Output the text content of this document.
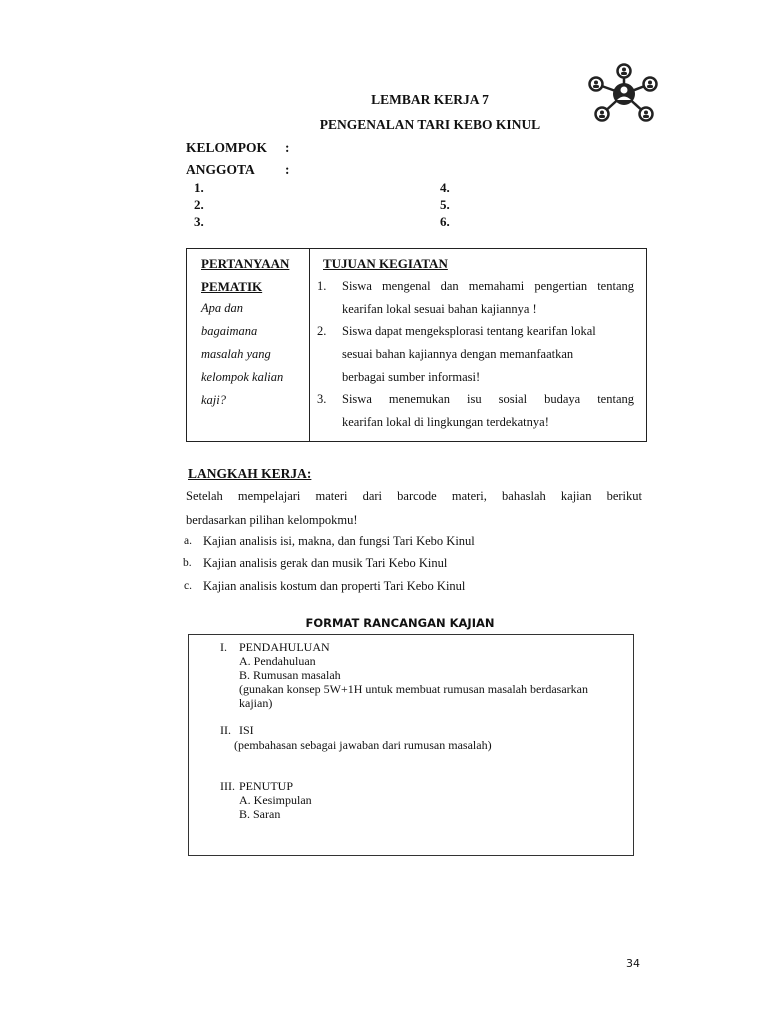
LEMBAR KERJA 7
PENGENALAN TARI KEBO KINUL
KELOMPOK :
ANGGOTA :
1.
2.
3.
4.
5.
6.
PERTANYAAN
PEMATIK
Apa dan
bagaimana
masalah yang
kelompok kalian
kaji?
TUJUAN KEGIATAN
1. Siswa mengenal dan memahami pengertian tentang
kearifan lokal sesuai bahan kajiannya !
2. Siswa dapat mengeksplorasi tentang kearifan lokal
sesuai bahan kajiannya dengan memanfaatkan
berbagai sumber informasi!
3. Siswa menemukan isu sosial budaya tentang
kearifan lokal di lingkungan terdekatnya!
LANGKAH KERJA:
Setelah mempelajari materi dari barcode materi, bahaslah kajian berikut
berdasarkan pilihan kelompokmu!
a. Kajian analisis isi, makna, dan fungsi Tari Kebo Kinul
b. Kajian analisis gerak dan musik Tari Kebo Kinul
c. Kajian analisis kostum dan properti Tari Kebo Kinul
FORMAT RANCANGAN KAJIAN
I. PENDAHULUAN
A. Pendahuluan
B. Rumusan masalah
(gunakan konsep 5W+1H untuk membuat rumusan masalah berdasarkan
kajian)
II. ISI
(pembahasan sebagai jawaban dari rumusan masalah)
III. PENUTUP
A. Kesimpulan
B. Saran
34
